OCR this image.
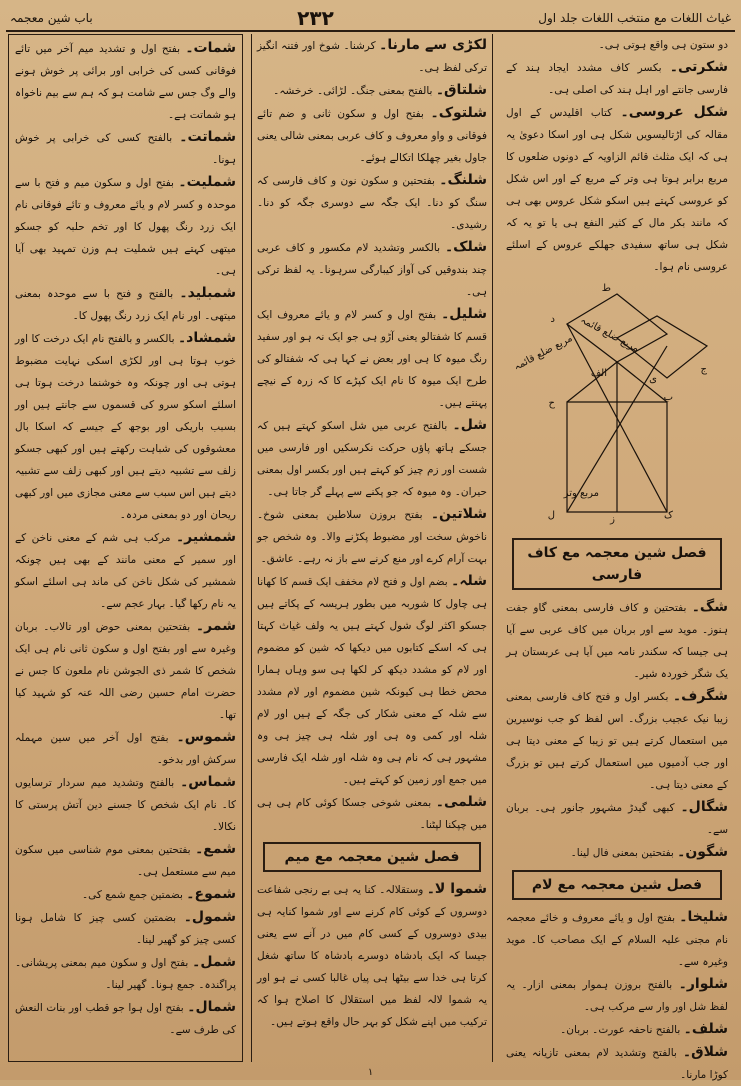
غیاث اللغات مع منتخب اللغات جلد اول
۲۳۲
باب شین معجمہ

دو ستون ہی واقع ہوتی ہی۔

شکرتی۔ بکسر کاف مشدد ایجاد ہند کے فارسی جانتے اور اہل ہند کی اصلی ہی۔

شکل عروسی۔ کتاب اقلیدس کے اول مقالہ کی اڑتالیسویں شکل ہی اور اسکا دعویٰ یہ ہی کہ ایک مثلث قائم الزاویہ کے دونوں ضلعوں کا مربع برابر ہوتا ہی وتر کے مربع کے اور اس شکل کو عروسی کہتے ہیں اسکو شکل عروس بھی ہی کہ مانند بکر مال کے کثیر النفع ہی یا تو یہ کہ شکل ہی ساتھ سفیدی جھلکے عروس کے اسلئے عروسی نام ہوا۔

ط
مربع ضلع قائمہ مربع ضلع قائمہ
مربع وتر
الف
ب
ج
ح
د
ک
ل	ز
ی
فصل شین معجمہ مع کاف فارسی

شگ۔ بفتحتین و کاف فارسی بمعنی گاو جفت ہنوز۔ موید سے اور بربان میں کاف عربی سے آیا ہی جیسا کہ سکندر نامہ میں آیا ہی عربستان ہر یک شگر خوردہ شیر۔

شگرف۔ بکسر اول و فتح کاف فارسی بمعنی زیبا نیک عجیب بزرگ۔ اس لفظ کو جب نوسیرین میں استعمال کرتے ہیں تو زیبا کے معنی دیتا ہی اور جب آدمیوں میں استعمال کرتے ہیں تو بزرگ کے معنی دیتا ہی۔

شگال۔ کبھی گیدڑ مشہور جانور ہی۔ بربان سے۔

شگون۔ بفتحتین بمعنی فال لینا۔

فصل شین معجمہ مع لام

شلیخا۔ بفتح اول و یائے معروف و خائے معجمہ نام مجنی علیہ السلام کے ایک مصاحب کا۔ موید وغیرہ سے۔

شلوار۔ بالفتح بروزن ہموار بمعنی ازار۔ یہ لفظ شل اور وار سے مرکب ہی۔

شلف۔ بالفتح ناحفہ عورت۔ بربان۔

شلاق۔ بالفتح وتشدید لام بمعنی تازیانہ یعنی کوڑا مارنا۔

لکڑی سے مارنا۔ کرشنا۔ شوخ اور فتنہ انگیز ترکی لفظ ہی۔

شلتاق۔ بالفتح بمعنی جنگ۔ لڑائی۔ خرخشہ۔

شلتوک۔ بفتح اول و سکون ثانی و ضم تائے فوقانی و واو معروف و کاف عربی بمعنی شالی یعنی جاول بغیر چھلکا اتکالے ہوئے۔

شلنگ۔ بفتحتین و سکون نون و کاف فارسی کہ سنگ کو دنا۔ ایک جگہ سے دوسری جگہ کو دنا۔ رشیدی۔

شلک۔ بالکسر وتشدید لام مکسور و کاف عربی چند بندوقیں کی آواز کیبارگی سرہونا۔ یہ لفظ ترکی ہی۔

شلیل۔ بفتح اول و کسر لام و یائے معروف ایک قسم کا شفتالو یعنی آڑو ہی جو ایک نہ ہو اور سفید رنگ میوہ کا ہی اور بعض نے کہا ہی کہ شفتالو کی طرح ایک میوہ کا نام ایک کپڑے کا کہ زرہ کے نیچے پہنتے ہیں۔

شل۔ بالفتح عربی میں شل اسکو کہتے ہیں کہ جسکے ہاتھ پاؤں حرکت نکرسکیں اور فارسی میں شست اور زم چیز کو کہتے ہیں اور بکسر اول بمعنی حیران۔ وہ میوہ کہ جو پکنے سے پہلے گر جاتا ہی۔

شلاتین۔ بفتح بروزن سلاطین بمعنی شوخ۔ ناخوش سخت اور مضبوط پکڑنے والا۔ وہ شخص جو بہت آرام کرے اور منع کرنے سے باز نہ رہے۔ عاشق۔

شلہ۔ بضم اول و فتح لام مخفف ایک قسم کا کھانا ہی چاول کا شوربہ میں بطور ہریسہ کے پکاتے ہیں جسکو اکثر لوگ شول کہتے ہیں یہ ولف غیاث کہتا ہی کہ اسکے کتابوں میں دیکھا کہ شین کو مضموم اور لام کو مشدد دیکھ کر لکھا ہی سو وہاں ہمارا محض خطا ہی کیونکہ شین مضموم اور لام مشدد سے شلہ کے معنی شکار کی جگہ کے ہیں اور لام شلہ اور کمی وہ ہی اور شلہ ہی چیز ہی وہ مشہور ہی کہ نام ہی وہ شلہ اور شلہ ایک فارسی میں جمع اور زمین کو کہتے ہیں۔

شلمی۔ بمعنی شوخی جسکا کوئی کام ہی ہی میں چپکنا لپٹنا۔

فصل شین معجمہ مع میم

شموا لا۔ وستقلالہ۔ کنا یہ ہی بے رنجی شفاعت دوسروں کے کوئی کام کرنے سے اور شموا کنایہ ہی بیدی دوسروں کے کسی کام میں در آنے سے یعنی جیسا کہ ایک بادشاہ دوسرے بادشاہ کا ساتھ شغل کرتا ہی خدا سے بیٹھا ہی پیاں غالبا کسی نے ہو اور یہ شموا لالہ لفظ میں استقلال کا اصلاح ہوا کہ ترکیب میں اپنے شکل کو بہر حال واقع ہوتے ہیں۔

شمات۔ بفتح اول و تشدید میم آخر میں تائے فوقانی کسی کی خرابی اور برائی پر خوش ہونے والے وگ جس سے شامت ہو کہ ہم سے بیم ناخواہ ہو شماتت ہے۔

شماتت۔ بالفتح کسی کی خرابی پر خوش ہونا۔

شملیت۔ بفتح اول و سکون میم و فتح با سے موحدہ و کسر لام و یائے معروف و تائے فوقانی نام ایک زرد رنگ پھول کا اور تخم حلبہ کو جسکو میتھی کہتے ہیں شملیت ہم وزن تمہید بھی آیا ہی۔

شمبلید۔ بالفتح و فتح با سے موحدہ بمعنی میتھی۔ اور نام ایک زرد رنگ پھول کا۔

شمشاد۔ بالکسر و بالفتح نام ایک درخت کا اور خوب ہوتا ہی اور لکڑی اسکی نہایت مضبوط ہوتی ہی اور چونکہ وہ خوشنما درخت ہوتا ہی اسلئے اسکو سرو کی قسموں سے جانتے ہیں اور بسبب باریکی اور بوجھ کے جیسے کہ اسکا بال معشوقوں کی شباہت رکھتے ہیں اور کبھی جسکو زلف سے تشبیہ دیتے ہیں اور کبھی زلف سے تشبیہ دیتے ہیں اس سبب سے معنی مجازی میں اور کبھی ریحان اور دو بمعنی مردہ۔

شمشیر۔ مرکب ہی شم کے معنی ناخن کے اور سمیر کے معنی مانند کے بھی ہیں چونکہ شمشیر کی شکل ناخن کی ماند ہی اسلئے اسکو یہ نام رکھا گیا۔ بہار عجم سے۔

شمر۔ بفتحتین بمعنی حوض اور تالاب۔ بربان وغیرہ سے اور بفتح اول و سکون ثانی نام ہی ایک شخص کا شمر ذی الجوشن نام ملعون کا جس نے حضرت امام حسین رضی اللہ عنہ کو شہید کیا تھا۔

شموس۔ بفتح اول آخر میں سین مہملہ سرکش اور بدخو۔

شماس۔ بالفتح وتشدید میم سردار ترسایوں کا۔ نام ایک شخص کا جسنے دین آتش پرستی کا نکالا۔

شمع۔ بفتحتین بمعنی موم شناسی میں سکون میم سے مستعمل ہی۔

شموع۔ بضمتین جمع شمع کی۔

شمول۔ بضمتین کسی چیز کا شامل ہونا کسی چیز کو گھیر لینا۔

شمل۔ بفتح اول و سکون میم بمعنی پریشانی۔ پراگندہ۔ جمع ہونا۔ گھیر لینا۔

شمال۔ بفتح اول ہوا جو قطب اور بنات النعش کی طرف سے۔

۱
